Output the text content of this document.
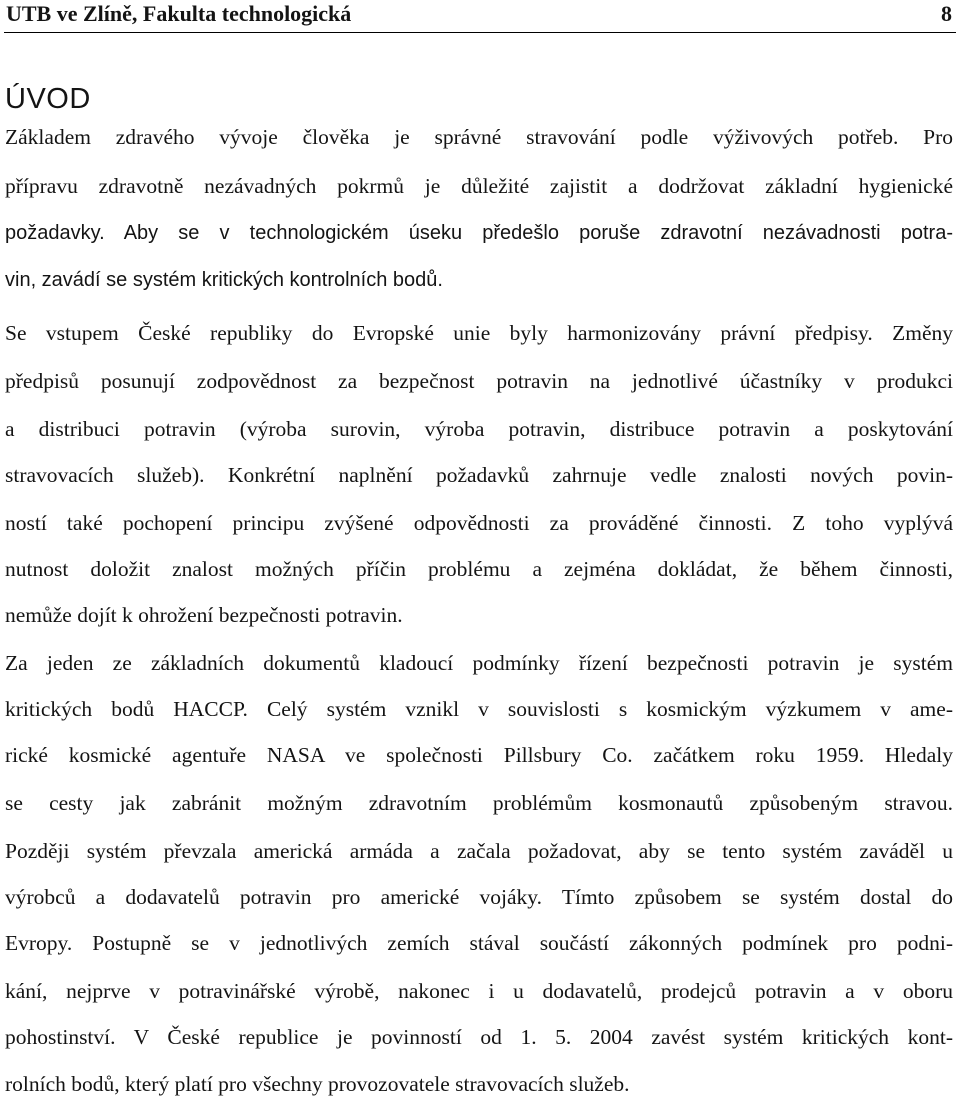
UTB ve Zlíně, Fakulta technologická	8
ÚVOD
Základem zdravého vývoje člověka je správné stravování podle výživových potřeb. Pro
přípravu zdravotně nezávadných pokrmů je důležité zajistit a dodržovat základní hygienické
požadavky. Aby se v technologickém úseku předešlo poruše zdravotní nezávadnosti potra-
vin, zavádí se systém kritických kontrolních bodů.
Se vstupem České republiky do Evropské unie byly harmonizovány právní předpisy. Změny
předpisů posunují zodpovědnost za bezpečnost potravin na jednotlivé účastníky v produkci
a distribuci potravin (výroba surovin, výroba potravin, distribuce potravin a poskytování
stravovacích služeb). Konkrétní naplnění požadavků zahrnuje vedle znalosti nových povin-
ností také pochopení principu zvýšené odpovědnosti za prováděné činnosti. Z toho vyplývá
nutnost doložit znalost možných příčin problému a zejména dokládat, že během činnosti,
nemůže dojít k ohrožení bezpečnosti potravin.
Za jeden ze základních dokumentů kladoucí podmínky řízení bezpečnosti potravin je systém
kritických bodů HACCP. Celý systém vznikl v souvislosti s kosmickým výzkumem v ame-
rické kosmické agentuře NASA ve společnosti Pillsbury Co. začátkem roku 1959. Hledaly
se cesty jak zabránit možným zdravotním problémům kosmonautů způsobeným stravou.
Později systém převzala americká armáda a začala požadovat, aby se tento systém zaváděl u
výrobců a dodavatelů potravin pro americké vojáky. Tímto způsobem se systém dostal do
Evropy. Postupně se v jednotlivých zemích stával součástí zákonných podmínek pro podni-
kání, nejprve v potravinářské výrobě, nakonec i u dodavatelů, prodejců potravin a v oboru
pohostinství. V České republice je povinností od 1. 5. 2004 zavést systém kritických kont-
rolních bodů, který platí pro všechny provozovatele stravovacích služeb.
